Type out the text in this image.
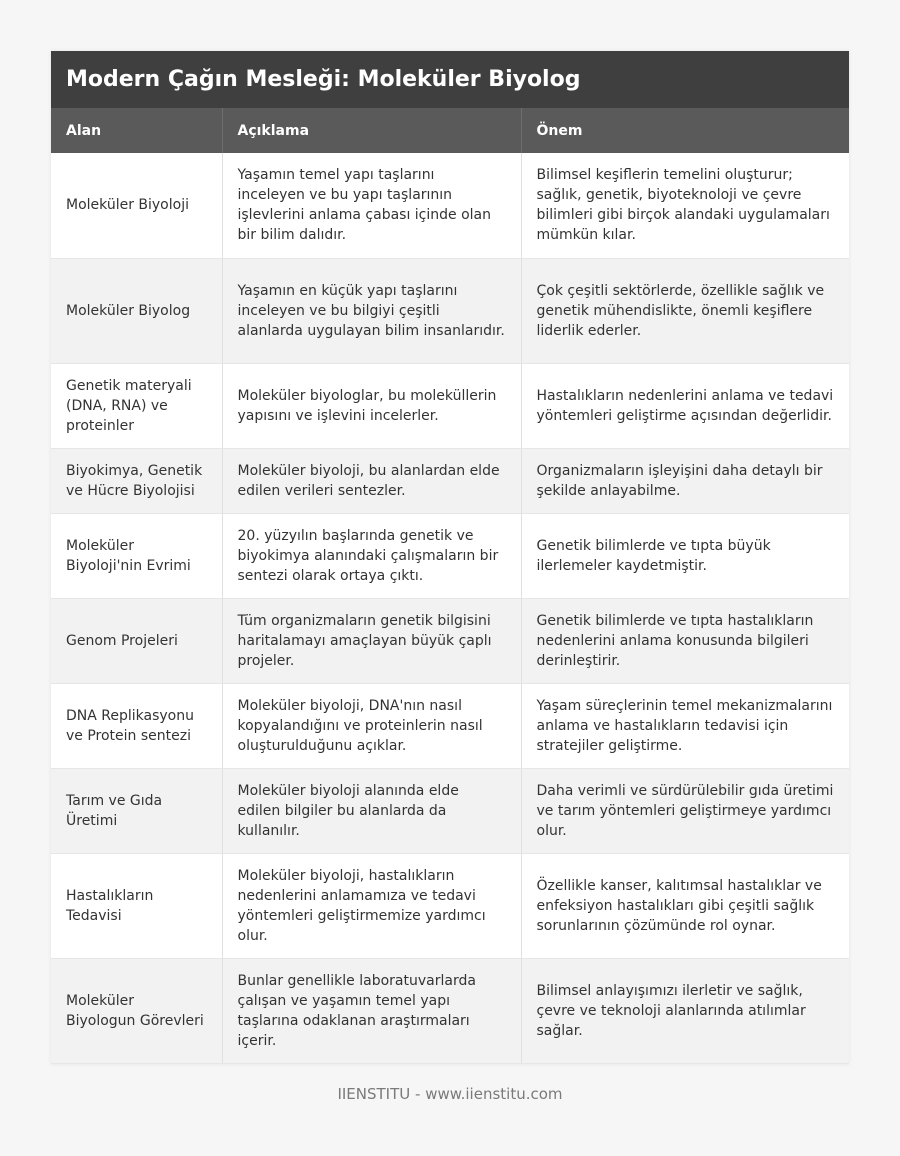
Modern Çağın Mesleği: Moleküler Biyolog
Alan	Açıklama	Önem
Moleküler Biyoloji	Yaşamın temel yapı taşlarını inceleyen ve bu yapı taşlarının işlevlerini anlama çabası içinde olan bir bilim dalıdır.	Bilimsel keşiflerin temelini oluşturur; sağlık, genetik, biyoteknoloji ve çevre bilimleri gibi birçok alandaki uygulamaları mümkün kılar.
Moleküler Biyolog	Yaşamın en küçük yapı taşlarını inceleyen ve bu bilgiyi çeşitli alanlarda uygulayan bilim insanlarıdır.	Çok çeşitli sektörlerde, özellikle sağlık ve genetik mühendislikte, önemli keşiflere liderlik ederler.
Genetik materyali (DNA, RNA) ve proteinler	Moleküler biyologlar, bu moleküllerin yapısını ve işlevini incelerler.	Hastalıkların nedenlerini anlama ve tedavi yöntemleri geliştirme açısından değerlidir.
Biyokimya, Genetik ve Hücre Biyolojisi	Moleküler biyoloji, bu alanlardan elde edilen verileri sentezler.	Organizmaların işleyişini daha detaylı bir şekilde anlayabilme.
Moleküler Biyoloji'nin Evrimi	20. yüzyılın başlarında genetik ve biyokimya alanındaki çalışmaların bir sentezi olarak ortaya çıktı.	Genetik bilimlerde ve tıpta büyük ilerlemeler kaydetmiştir.
Genom Projeleri	Tüm organizmaların genetik bilgisini haritalamayı amaçlayan büyük çaplı projeler.	Genetik bilimlerde ve tıpta hastalıkların nedenlerini anlama konusunda bilgileri derinleştirir.
DNA Replikasyonu ve Protein sentezi	Moleküler biyoloji, DNA'nın nasıl kopyalandığını ve proteinlerin nasıl oluşturulduğunu açıklar.	Yaşam süreçlerinin temel mekanizmalarını anlama ve hastalıkların tedavisi için stratejiler geliştirme.
Tarım ve Gıda Üretimi	Moleküler biyoloji alanında elde edilen bilgiler bu alanlarda da kullanılır.	Daha verimli ve sürdürülebilir gıda üretimi ve tarım yöntemleri geliştirmeye yardımcı olur.
Hastalıkların Tedavisi	Moleküler biyoloji, hastalıkların nedenlerini anlamamıza ve tedavi yöntemleri geliştirmemize yardımcı olur.	Özellikle kanser, kalıtımsal hastalıklar ve enfeksiyon hastalıkları gibi çeşitli sağlık sorunlarının çözümünde rol oynar.
Moleküler Biyologun Görevleri	Bunlar genellikle laboratuvarlarda çalışan ve yaşamın temel yapı taşlarına odaklanan araştırmaları içerir.	Bilimsel anlayışımızı ilerletir ve sağlık, çevre ve teknoloji alanlarında atılımlar sağlar.
IIENSTITU - www.iienstitu.com
